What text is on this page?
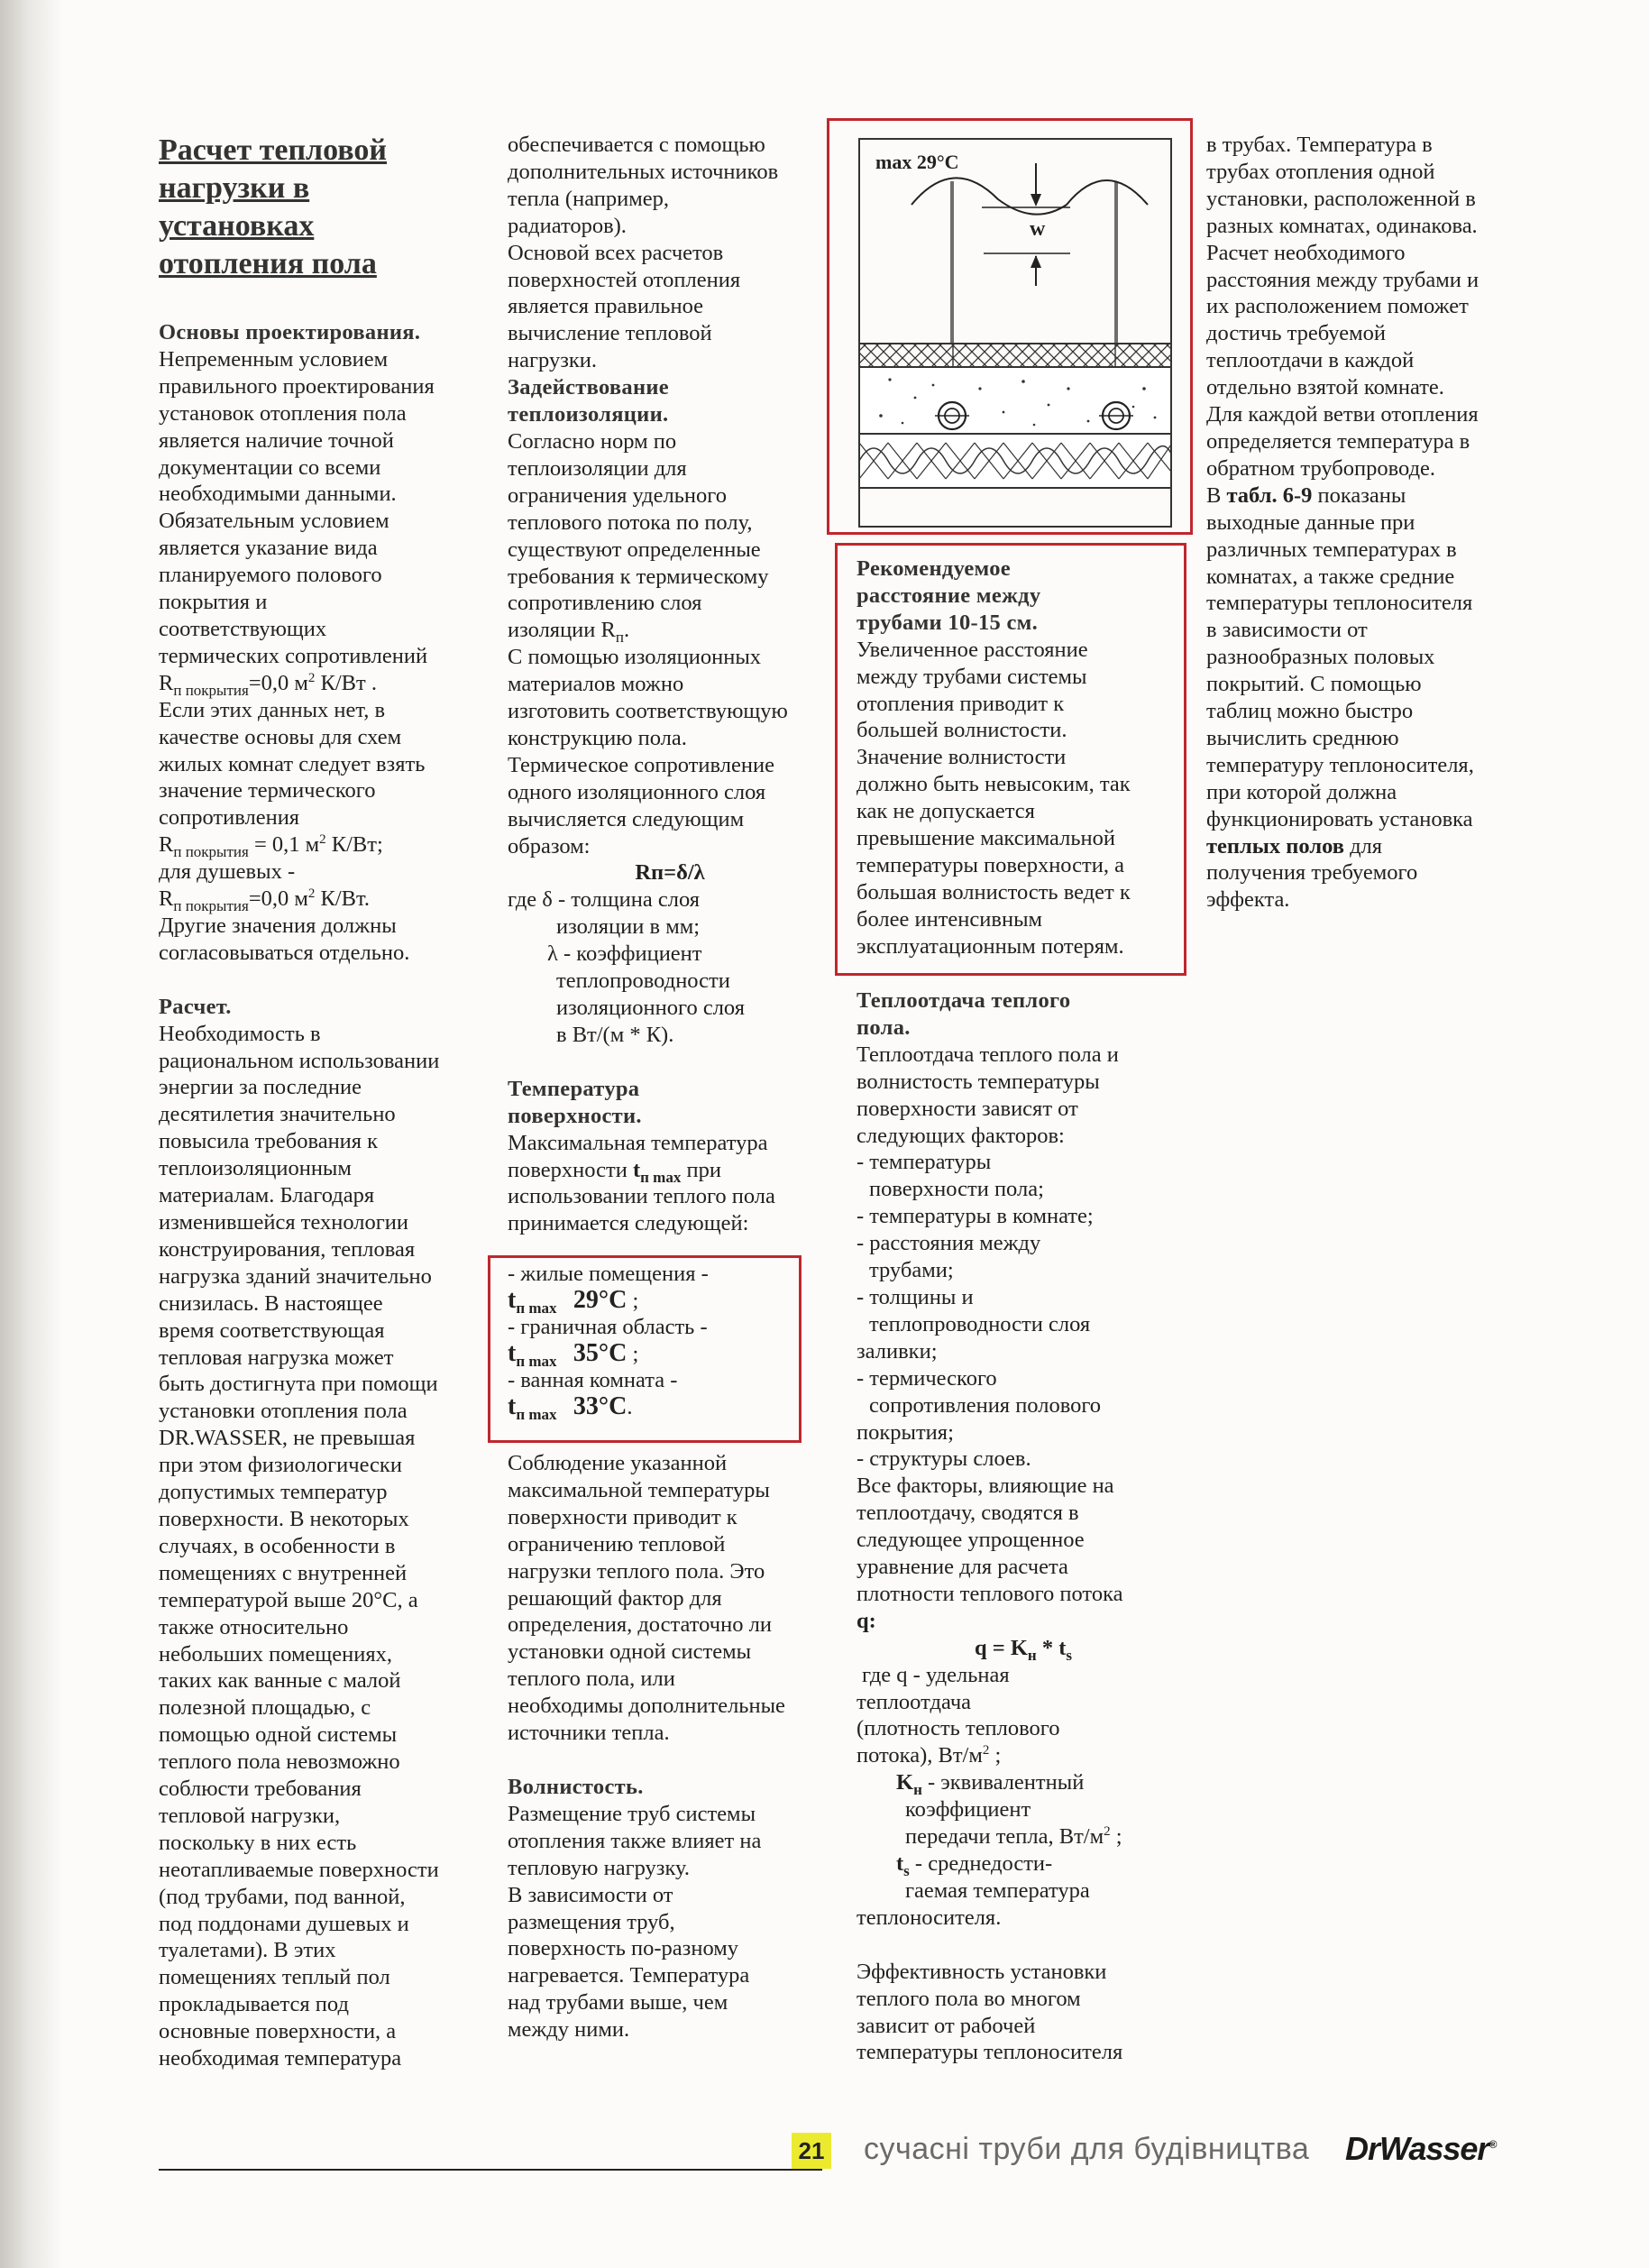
Расчет тепловой
нагрузки в
установках
отопления пола

Основы проектирования.

Непременным условием

правильного проектирования

установок отопления пола

является наличие точной

документации со всеми

необходимыми данными.

Обязательным условием

является указание вида

планируемого полового

покрытия и

соответствующих

термических сопротивлений

$R_{п покрытия}=0,0$ $м^2$ К/Вт .

Если этих данных нет, в

качестве основы для схем

жилых комнат следует взять

значение термического

сопротивления

$R_{п покрытия} = 0,1$ $м^2$ К/Вт;

для душевых -

$R_{п покрытия}=0,0$ $м^2$ К/Вт.

Другие значения должны

согласовываться отдельно.

Расчет.

Необходимость в

рациональном использовании

энергии за последние

десятилетия значительно

повысила требования к

теплоизоляционным

материалам. Благодаря

изменившейся технологии

конструирования, тепловая

нагрузка зданий значительно

снизилась. В настоящее

время соответствующая

тепловая нагрузка может

быть достигнута при помощи

установки отопления пола

DR.WASSER, не превышая

при этом физиологически

допустимых температур

поверхности. В некоторых

случаях, в особенности в

помещениях с внутренней

температурой выше 20°С, а

также относительно

небольших помещениях,

таких как ванные с малой

полезной площадью, с

помощью одной системы

теплого пола невозможно

соблюсти требования

тепловой нагрузки,

поскольку в них есть

неотапливаемые поверхности

(под трубами, под ванной,

под поддонами душевых и

туалетами). В этих

помещениях теплый пол

прокладывается под

основные поверхности, а

необходимая температура

обеспечивается с помощью

дополнительных источников

тепла (например,

радиаторов).

Основой всех расчетов

поверхностей отопления

является правильное

вычисление тепловой

нагрузки.

Задействование
теплоизоляции.

Согласно норм по

теплоизоляции для

ограничения удельного

теплового потока по полу,

существуют определенные

требования к термическому

сопротивлению слоя

изоляции $R_п$.

С помощью изоляционных

материалов можно

изготовить соответствующую

конструкцию пола.

Термическое сопротивление

одного изоляционного слоя

вычисляется следующим

образом:

Rп=δ/λ

где δ - толщина слоя

изоляции в мм;

λ - коэффициент

теплопроводности

изоляционного слоя

в Вт/(м * К).

Температура
поверхности.

Максимальная температура

поверхности $t_{п max}$ при

использовании теплого пола

принимается следующей:

- жилые помещения -

$t_{п max}$ 29°С ;

- граничная область -

$t_{п max}$ 35°С ;

- ванная комната -

$t_{п max}$ 33°С.

Соблюдение указанной

максимальной температуры

поверхности приводит к

ограничению тепловой

нагрузки теплого пола. Это

решающий фактор для

определения, достаточно ли

установки одной системы

теплого пола, или

необходимы дополнительные

источники тепла.

Волнистость.

Размещение труб системы

отопления также влияет на

тепловую нагрузку.

В зависимости от

размещения труб,

поверхность по-разному

нагревается. Температура

над трубами выше, чем

между ними.

max 29°C
w

Рекомендуемое
расстояние между
трубами 10-15 см.

Увеличенное расстояние

между трубами системы

отопления приводит к

большей волнистости.

Значение волнистости

должно быть невысоким, так

как не допускается

превышение максимальной

температуры поверхности, а

большая волнистость ведет к

более интенсивным

эксплуатационным потерям.

Теплоотдача теплого
пола.

Теплоотдача теплого пола и

волнистость температуры

поверхности зависят от

следующих факторов:

- температуры

поверхности пола;

- температуры в комнате;

- расстояния между

трубами;

- толщины и

теплопроводности слоя

заливки;

- термического

сопротивления полового

покрытия;

- структуры слоев.

Все факторы, влияющие на

теплоотдачу, сводятся в

следующее упрощенное

уравнение для расчета

плотности теплового потока

q:

$q = K_н * t_s$

где q - удельная

теплоотдача

(плотность теплового

потока), $Вт/м^2$ ;

$K_н$ - эквивалентный

коэффициент

передачи тепла, $Вт/м^2$ ;

$t_s$ - среднедости-

гаемая температура

теплоносителя.

Эффективность установки

теплого пола во многом

зависит от рабочей

температуры теплоносителя

в трубах. Температура в

трубах отопления одной

установки, расположенной в

разных комнатах, одинакова.

Расчет необходимого

расстояния между трубами и

их расположением поможет

достичь требуемой

теплоотдачи в каждой

отдельно взятой комнате.

Для каждой ветви отопления

определяется температура в

обратном трубопроводе.

В табл. 6-9 показаны

выходные данные при

различных температурах в

комнатах, а также средние

температуры теплоносителя

в зависимости от

разнообразных половых

покрытий. С помощью

таблиц можно быстро

вычислить среднюю

температуру теплоносителя,

при которой должна

функционировать установка

теплых полов для

получения требуемого

эффекта.

21 сучасні труби для будівництва DrWasser®
